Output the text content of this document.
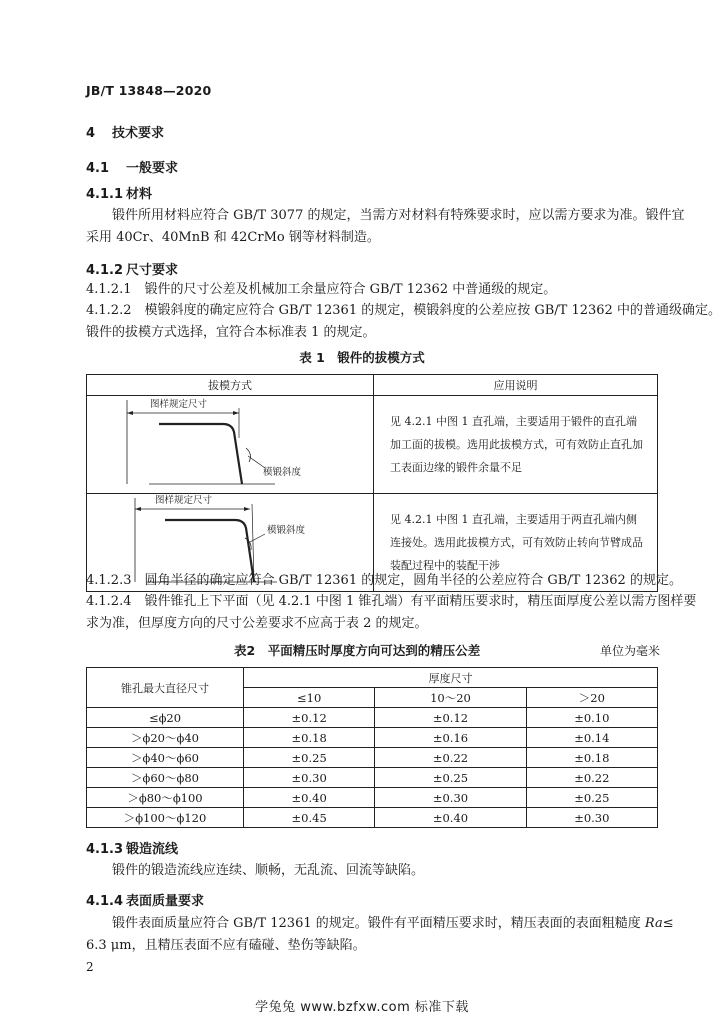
JB/T 13848—2020
4 技术要求
4.1 一般要求
4.1.1 材料
锻件所用材料应符合 GB/T 3077 的规定，当需方对材料有特殊要求时，应以需方要求为准。锻件宜
采用 40Cr、40MnB 和 42CrMo 钢等材料制造。
4.1.2 尺寸要求
4.1.2.1　锻件的尺寸公差及机械加工余量应符合 GB/T 12362 中普通级的规定。
4.1.2.2　模锻斜度的确定应符合 GB/T 12361 的规定，模锻斜度的公差应按 GB/T 12362 中的普通级确定。
锻件的拔模方式选择，宜符合本标准表 1 的规定。
表 1　锻件的拔模方式
拔模方式	应用说明

图样规定尺寸
模锻斜度	见 4.2.1 中图 1 直孔端，主要适用于锻件的直孔端加工面的拔模。选用此拔模方式，可有效防止直孔加工表面边缘的锻件余量不足

图样规定尺寸
模锻斜度	见 4.2.1 中图 1 直孔端，主要适用于两直孔端内侧连接处。选用此拔模方式，可有效防止转向节臂成品装配过程中的装配干涉
4.1.2.3　圆角半径的确定应符合 GB/T 12361 的规定，圆角半径的公差应符合 GB/T 12362 的规定。
4.1.2.4　锻件锥孔上下平面（见 4.2.1 中图 1 锥孔端）有平面精压要求时，精压面厚度公差以需方图样要
求为准，但厚度方向的尺寸公差要求不应高于表 2 的规定。
表2　平面精压时厚度方向可达到的精压公差	单位为毫米
锥孔最大直径尺寸	厚度尺寸		
	≤10	10～20	＞20
≤ϕ20	±0.12	±0.12	±0.10
＞ϕ20～ϕ40	±0.18	±0.16	±0.14
＞ϕ40～ϕ60	±0.25	±0.22	±0.18
＞ϕ60～ϕ80	±0.30	±0.25	±0.22
＞ϕ80～ϕ100	±0.40	±0.30	±0.25
＞ϕ100～ϕ120	±0.45	±0.40	±0.30
4.1.3 锻造流线
锻件的锻造流线应连续、顺畅，无乱流、回流等缺陷。
4.1.4 表面质量要求
锻件表面质量应符合 GB/T 12361 的规定。锻件有平面精压要求时，精压表面的表面粗糙度 Ra≤
6.3 μm，且精压表面不应有磕碰、垫伤等缺陷。
2
学兔兔 www.bzfxw.com 标准下载
